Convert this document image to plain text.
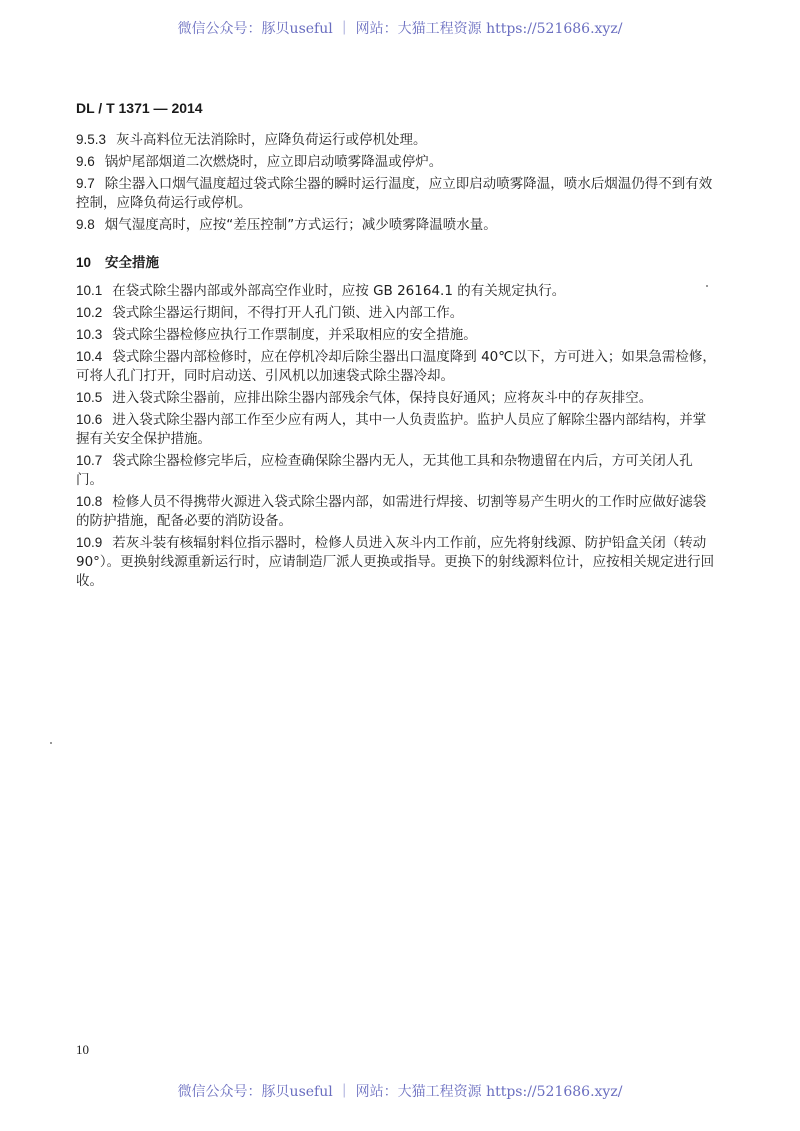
微信公众号：豚贝useful ｜ 网站：大猫工程资源 https://521686.xyz/
DL / T 1371 — 2014

9.5.3 灰斗高料位无法消除时，应降负荷运行或停机处理。

9.6 锅炉尾部烟道二次燃烧时，应立即启动喷雾降温或停炉。

9.7 除尘器入口烟气温度超过袋式除尘器的瞬时运行温度，应立即启动喷雾降温，喷水后烟温仍得不到有效控制，应降负荷运行或停机。

9.8 烟气湿度高时，应按“差压控制”方式运行；减少喷雾降温喷水量。

10 安全措施

10.1 在袋式除尘器内部或外部高空作业时，应按 GB 26164.1 的有关规定执行。

10.2 袋式除尘器运行期间，不得打开人孔门锁、进入内部工作。

10.3 袋式除尘器检修应执行工作票制度，并采取相应的安全措施。

10.4 袋式除尘器内部检修时，应在停机冷却后除尘器出口温度降到 40℃以下，方可进入；如果急需检修，可将人孔门打开，同时启动送、引风机以加速袋式除尘器冷却。

10.5 进入袋式除尘器前，应排出除尘器内部残余气体，保持良好通风；应将灰斗中的存灰排空。

10.6 进入袋式除尘器内部工作至少应有两人，其中一人负责监护。监护人员应了解除尘器内部结构，并掌握有关安全保护措施。

10.7 袋式除尘器检修完毕后，应检查确保除尘器内无人，无其他工具和杂物遗留在内后，方可关闭人孔门。

10.8 检修人员不得携带火源进入袋式除尘器内部，如需进行焊接、切割等易产生明火的工作时应做好滤袋的防护措施，配备必要的消防设备。

10.9 若灰斗装有核辐射料位指示器时，检修人员进入灰斗内工作前，应先将射线源、防护铅盒关闭（转动 90°）。更换射线源重新运行时，应请制造厂派人更换或指导。更换下的射线源料位计，应按相关规定进行回收。

10
微信公众号：豚贝useful ｜ 网站：大猫工程资源 https://521686.xyz/
